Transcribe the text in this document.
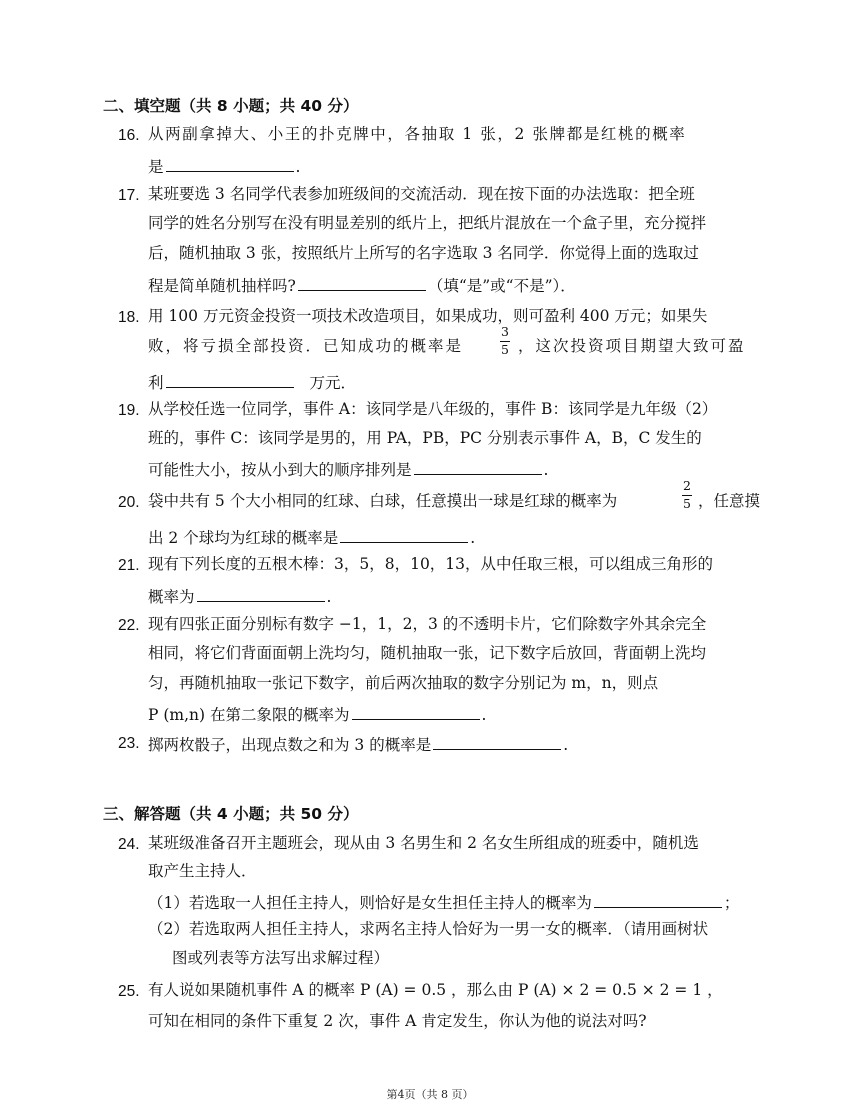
二、填空题（共 8 小题；共 40 分）
16. 从两副拿掉大、小王的扑克牌中，各抽取 1 张，2 张牌都是红桃的概率
是	.
17. 某班要选 3 名同学代表参加班级间的交流活动．现在按下面的办法选取：把全班
同学的姓名分别写在没有明显差别的纸片上，把纸片混放在一个盒子里，充分搅拌
后，随机抽取 3 张，按照纸片上所写的名字选取 3 名同学．你觉得上面的选取过
程是简单随机抽样吗?	（填“是”或“不是”）．
18. 用 100 万元资金投资一项技术改造项目，如果成功，则可盈利 400 万元；如果失
败，将亏损全部投资．已知成功的概率是
3
5 ，这次投资项目期望大致可盈
利	万元．
19. 从学校任选一位同学，事件 A：该同学是八年级的，事件 B：该同学是九年级（2）
班的，事件 C：该同学是男的，用 PA，PB，PC 分别表示事件 A，B，C 发生的
可能性大小，按从小到大的顺序排列是	.
20. 袋中共有 5 个大小相同的红球、白球，任意摸出一球是红球的概率为
2
5 ，任意摸
出 2 个球均为红球的概率是	.
21. 现有下列长度的五根木棒：3，5，8，10，13，从中任取三根，可以组成三角形的
概率为	.
22. 现有四张正面分别标有数字 −1，1，2，3 的不透明卡片，它们除数字外其余完全
相同，将它们背面面朝上洗均匀，随机抽取一张，记下数字后放回，背面朝上洗均
匀，再随机抽取一张记下数字，前后两次抽取的数字分别记为 m，n，则点
P (m,n) 在第二象限的概率为	.
23. 掷两枚骰子，出现点数之和为 3 的概率是	.
三、解答题（共 4 小题；共 50 分）
24. 某班级准备召开主题班会，现从由 3 名男生和 2 名女生所组成的班委中，随机选
取产生主持人．
（1）若选取一人担任主持人，则恰好是女生担任主持人的概率为	；
（2）若选取两人担任主持人，求两名主持人恰好为一男一女的概率．（请用画树状
图或列表等方法写出求解过程）
25. 有人说如果随机事件 A 的概率 P (A) = 0.5 ，那么由 P (A) × 2 = 0.5 × 2 = 1 ，
可知在相同的条件下重复 2 次，事件 A 肯定发生，你认为他的说法对吗?
第4页（共 8 页）
